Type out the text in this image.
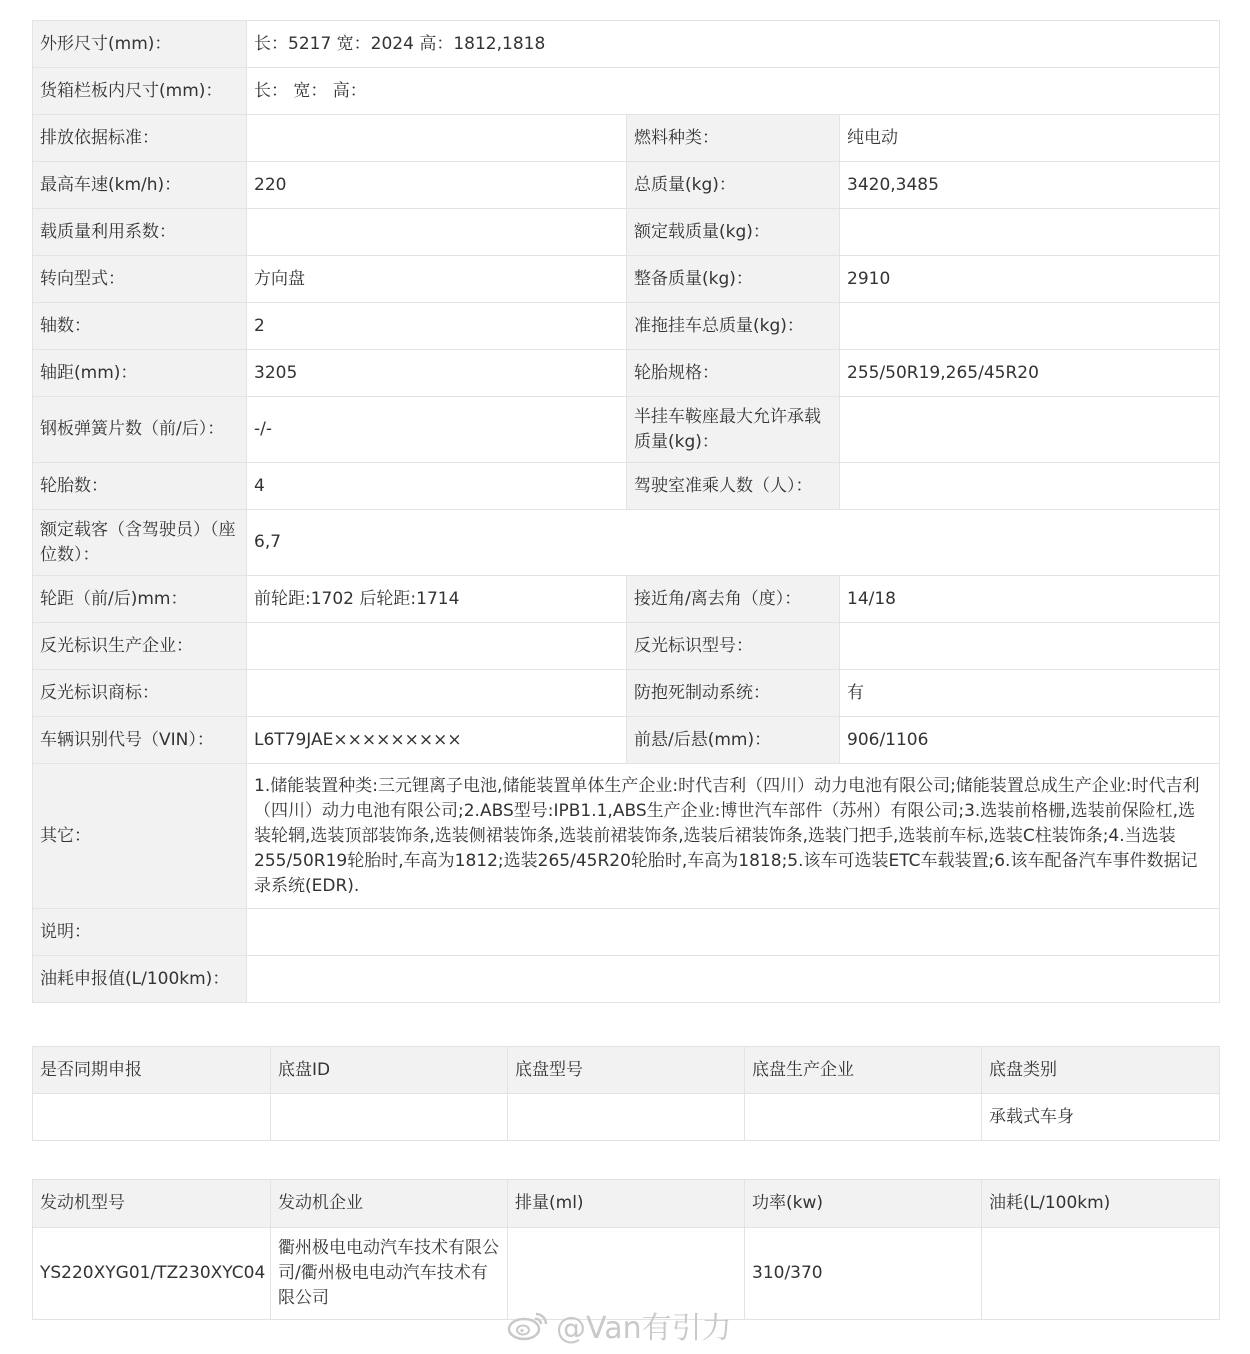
外形尺寸(mm)：	长：5217 宽：2024 高：1812,1818		
货箱栏板内尺寸(mm)：	长： 宽： 高：		
排放依据标准：		燃料种类：	纯电动
最高车速(km/h)：	220	总质量(kg)：	3420,3485
载质量利用系数：		额定载质量(kg)：	
转向型式：	方向盘	整备质量(kg)：	2910
轴数：	2	准拖挂车总质量(kg)：	
轴距(mm)：	3205	轮胎规格：	255/50R19,265/45R20
钢板弹簧片数（前/后）：	-/-	半挂车鞍座最大允许承载质量(kg)：	
轮胎数：	4	驾驶室准乘人数（人）：	
额定载客（含驾驶员）（座位数）：	6,7		
轮距（前/后)mm：	前轮距:1702 后轮距:1714	接近角/离去角（度）：	14/18
反光标识生产企业：		反光标识型号：	
反光标识商标：		防抱死制动系统：	有
车辆识别代号（VIN）：	L6T79JAE×××××××××	前悬/后悬(mm)：	906/1106
其它：	1.储能装置种类:三元锂离子电池,储能装置单体生产企业:时代吉利（四川）动力电池有限公司;储能装置总成生产企业:时代吉利（四川）动力电池有限公司;2.ABS型号:IPB1.1,ABS生产企业:博世汽车部件（苏州）有限公司;3.选装前格栅,选装前保险杠,选装轮辋,选装顶部装饰条,选装侧裙装饰条,选装前裙装饰条,选装后裙装饰条,选装门把手,选装前车标,选装C柱装饰条;4.当选装255/50R19轮胎时,车高为1812;选装265/45R20轮胎时,车高为1818;5.该车可选装ETC车载装置;6.该车配备汽车事件数据记录系统(EDR).		
说明：			
油耗申报值(L/100km)：			
是否同期申报	底盘ID	底盘型号	底盘生产企业	底盘类别
				承载式车身
发动机型号	发动机企业	排量(ml)	功率(kw)	油耗(L/100km)
YS220XYG01/TZ230XYC04	衢州极电电动汽车技术有限公司/衢州极电电动汽车技术有限公司		310/370	
@Van有引力
